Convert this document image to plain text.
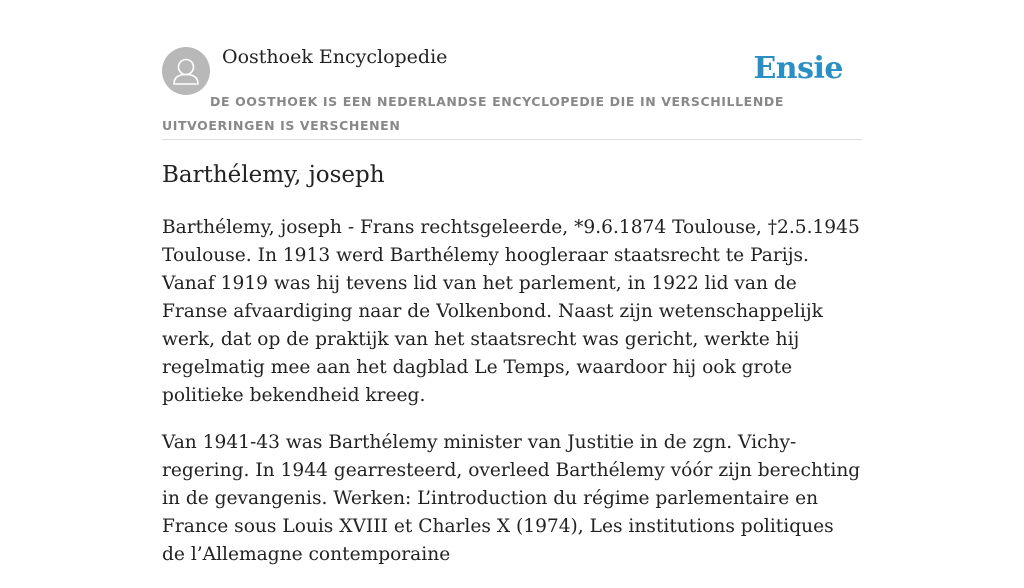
Oosthoek Encyclopedie	Ensie
DE OOSTHOEK IS EEN NEDERLANDSE ENCYCLOPEDIE DIE IN VERSCHILLENDE UITVOERINGEN IS VERSCHENEN
Barthélemy, joseph

Barthélemy, joseph - Frans rechtsgeleerde, *9.6.1874 Toulouse, †2.5.1945 Toulouse. In 1913 werd Barthélemy hoogleraar staatsrecht te Parijs. Vanaf 1919 was hij tevens lid van het parlement, in 1922 lid van de Franse afvaardiging naar de Volkenbond. Naast zijn wetenschappelijk werk, dat op de praktijk van het staatsrecht was gericht, werkte hij regelmatig mee aan het dagblad Le Temps, waardoor hij ook grote politieke bekendheid kreeg.

Van 1941-43 was Barthélemy minister van Justitie in de zgn. Vichy-regering. In 1944 gearresteerd, overleed Barthélemy vóór zijn berechting in de gevangenis. Werken: L’introduction du régime parlementaire en France sous Louis XVIII et Charles X (1974), Les institutions politiques de l’Allemagne contemporaine
